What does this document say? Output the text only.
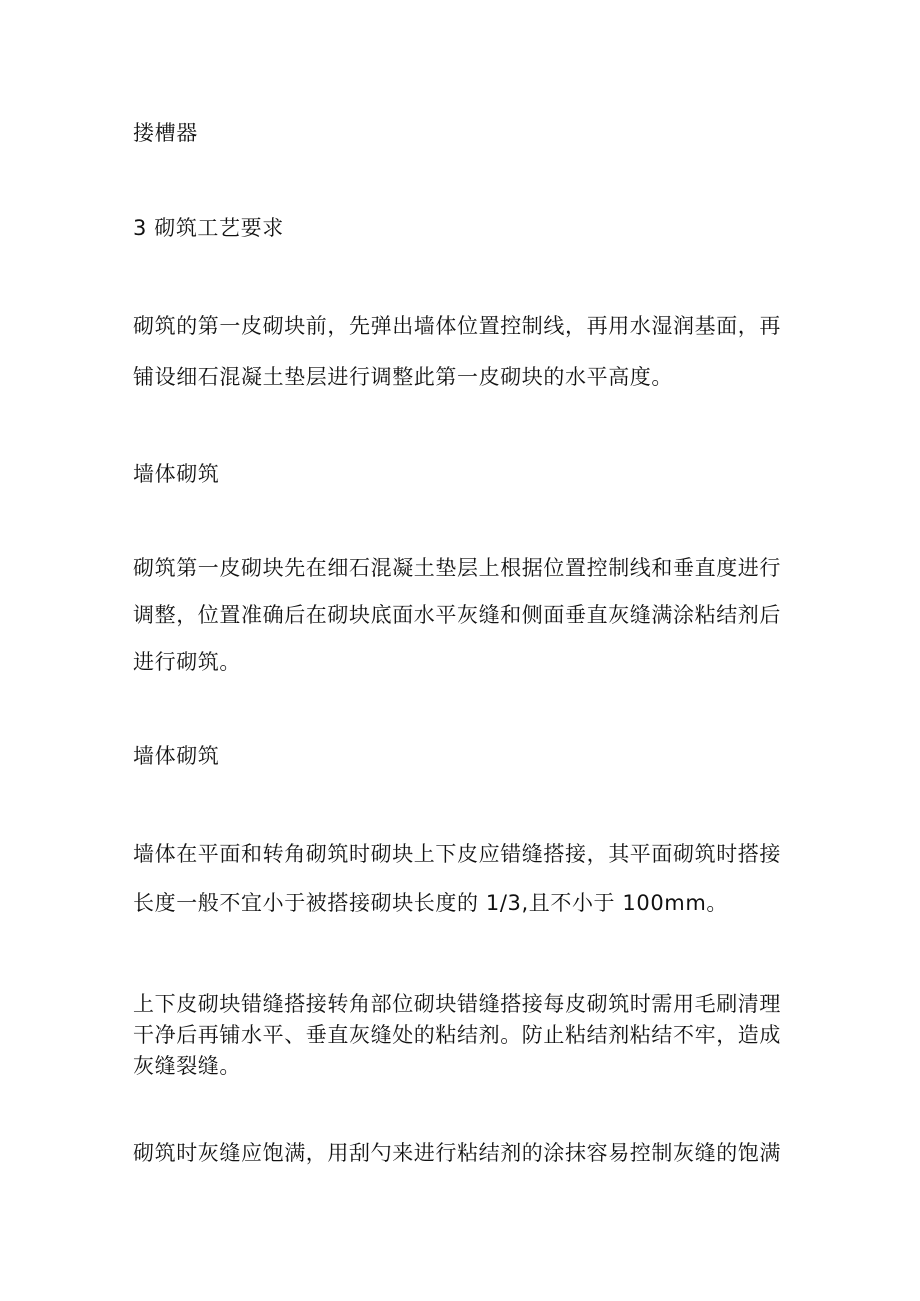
搂槽器
3 砌筑工艺要求
砌筑的第一皮砌块前，先弹出墙体位置控制线，再用水湿润基面，再
铺设细石混凝土垫层进行调整此第一皮砌块的水平高度。
墙体砌筑
砌筑第一皮砌块先在细石混凝土垫层上根据位置控制线和垂直度进行
调整，位置准确后在砌块底面水平灰缝和侧面垂直灰缝满涂粘结剂后
进行砌筑。
墙体砌筑
墙体在平面和转角砌筑时砌块上下皮应错缝搭接，其平面砌筑时搭接
长度一般不宜小于被搭接砌块长度的 1/3,且不小于 100mm。
上下皮砌块错缝搭接转角部位砌块错缝搭接每皮砌筑时需用毛刷清理
干净后再铺水平、垂直灰缝处的粘结剂。防止粘结剂粘结不牢，造成
灰缝裂缝。
砌筑时灰缝应饱满，用刮勺来进行粘结剂的涂抹容易控制灰缝的饱满
